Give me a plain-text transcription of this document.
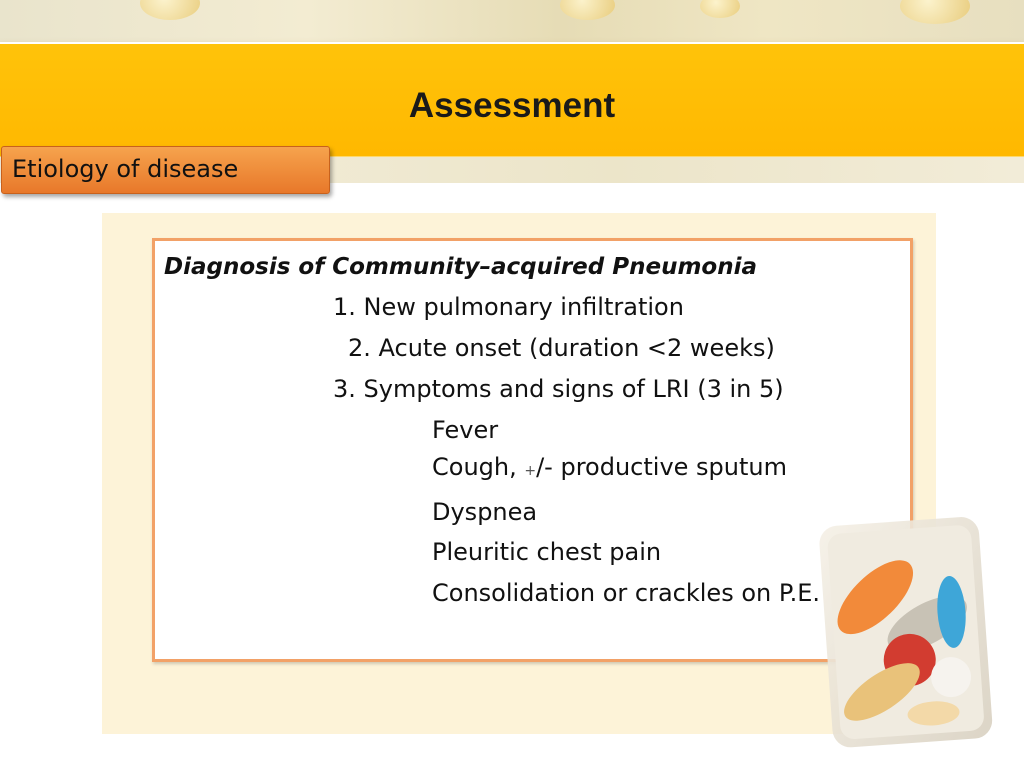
Assessment
Etiology of disease
Diagnosis of Community–acquired Pneumonia
1. New pulmonary infiltration
2. Acute onset (duration <2 weeks)
3. Symptoms and signs of LRI (3 in 5)
Fever
Cough, +/- productive sputum
Dyspnea
Pleuritic chest pain
Consolidation or crackles on P.E.
